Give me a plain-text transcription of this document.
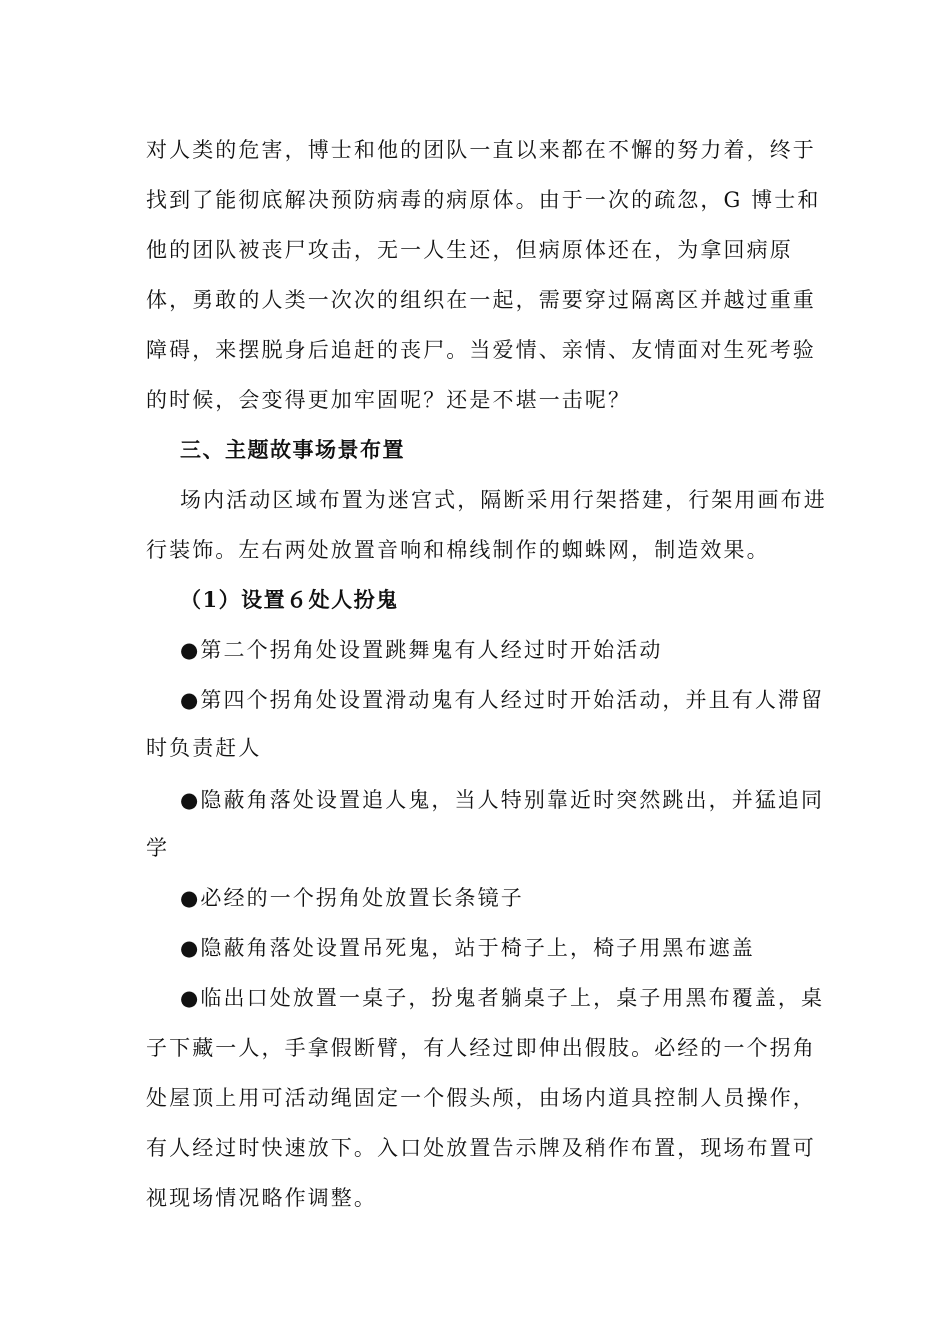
对人类的危害，博士和他的团队一直以来都在不懈的努力着，终于
找到了能彻底解决预防病毒的病原体。由于一次的疏忽，G 博士和
他的团队被丧尸攻击，无一人生还，但病原体还在，为拿回病原
体，勇敢的人类一次次的组织在一起，需要穿过隔离区并越过重重
障碍，来摆脱身后追赶的丧尸。当爱情、亲情、友情面对生死考验
的时候，会变得更加牢固呢？还是不堪一击呢？
三、主题故事场景布置
场内活动区域布置为迷宫式，隔断采用行架搭建，行架用画布进
行装饰。左右两处放置音响和棉线制作的蜘蛛网，制造效果。
（1）设置６处人扮鬼
●第二个拐角处设置跳舞鬼有人经过时开始活动
●第四个拐角处设置滑动鬼有人经过时开始活动，并且有人滞留
时负责赶人
●隐蔽角落处设置追人鬼，当人特别靠近时突然跳出，并猛追同
学
●必经的一个拐角处放置长条镜子
●隐蔽角落处设置吊死鬼，站于椅子上，椅子用黑布遮盖
●临出口处放置一桌子，扮鬼者躺桌子上，桌子用黑布覆盖，桌
子下藏一人，手拿假断臂，有人经过即伸出假肢。必经的一个拐角
处屋顶上用可活动绳固定一个假头颅，由场内道具控制人员操作，
有人经过时快速放下。入口处放置告示牌及稍作布置，现场布置可
视现场情况略作调整。
